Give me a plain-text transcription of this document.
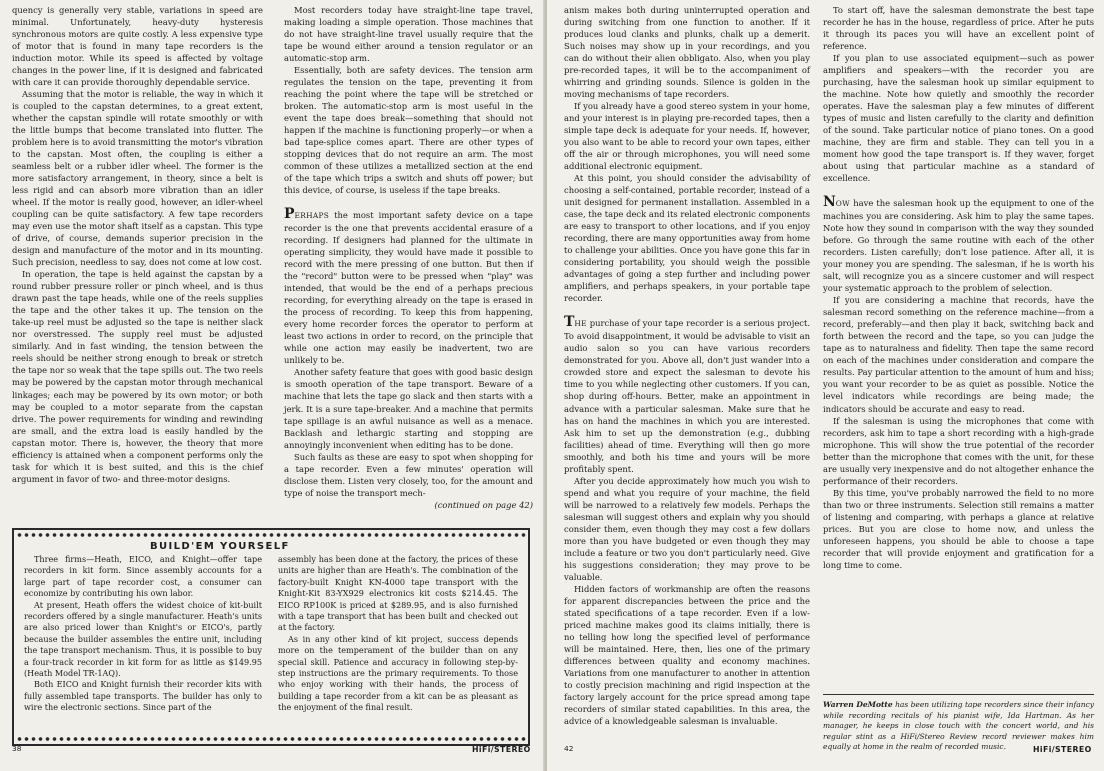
quency is generally very stable, variations in speed are minimal. Unfortunately, heavy-duty hysteresis synchronous motors are quite costly. A less expensive type of motor that is found in many tape recorders is the induction motor. While its speed is affected by voltage changes in the power line, if it is designed and fabricated with care it can provide thoroughly dependable service.

Assuming that the motor is reliable, the way in which it is coupled to the capstan determines, to a great extent, whether the capstan spindle will rotate smoothly or with the little bumps that become translated into flutter. The problem here is to avoid transmitting the motor's vibration to the capstan. Most often, the coupling is either a seamless belt or a rubber idler wheel. The former is the more satisfactory arrangement, in theory, since a belt is less rigid and can absorb more vibration than an idler wheel. If the motor is really good, however, an idler-wheel coupling can be quite satisfactory. A few tape recorders may even use the motor shaft itself as a capstan. This type of drive, of course, demands superior precision in the design and manufacture of the motor and in its mounting. Such precision, needless to say, does not come at low cost.

In operation, the tape is held against the capstan by a round rubber pressure roller or pinch wheel, and is thus drawn past the tape heads, while one of the reels supplies the tape and the other takes it up. The tension on the take-up reel must be adjusted so the tape is neither slack nor overstressed. The supply reel must be adjusted similarly. And in fast winding, the tension between the reels should be neither strong enough to break or stretch the tape nor so weak that the tape spills out. The two reels may be powered by the capstan motor through mechanical linkages; each may be powered by its own motor; or both may be coupled to a motor separate from the capstan drive. The power requirements for winding and rewinding are small, and the extra load is easily handled by the capstan motor. There is, however, the theory that more efficiency is attained when a component performs only the task for which it is best suited, and this is the chief argument in favor of two- and three-motor designs.

Most recorders today have straight-line tape travel, making loading a simple operation. Those machines that do not have straight-line travel usually require that the tape be wound either around a tension regulator or an automatic-stop arm.

Essentially, both are safety devices. The tension arm regulates the tension on the tape, preventing it from reaching the point where the tape will be stretched or broken. The automatic-stop arm is most useful in the event the tape does break—something that should not happen if the machine is functioning properly—or when a bad tape-splice comes apart. There are other types of stopping devices that do not require an arm. The most common of these utilizes a metallized section at the end of the tape which trips a switch and shuts off power; but this device, of course, is useless if the tape breaks.

PERHAPS the most important safety device on a tape recorder is the one that prevents accidental erasure of a recording. If designers had planned for the ultimate in operating simplicity, they would have made it possible to record with the mere pressing of one button. But then if the "record" button were to be pressed when "play" was intended, that would be the end of a perhaps precious recording, for everything already on the tape is erased in the process of recording. To keep this from happening, every home recorder forces the operator to perform at least two actions in order to record, on the principle that while one action may easily be inadvertent, two are unlikely to be.

Another safety feature that goes with good basic design is smooth operation of the tape transport. Beware of a machine that lets the tape go slack and then starts with a jerk. It is a sure tape-breaker. And a machine that permits tape spillage is an awful nuisance as well as a menace. Backlash and lethargic starting and stopping are annoyingly inconvenient when editing has to be done.

Such faults as these are easy to spot when shopping for a tape recorder. Even a few minutes' operation will disclose them. Listen very closely, too, for the amount and type of noise the transport mech-

(continued on page 42)

BUILD'EM YOURSELF

Three firms—Heath, EICO, and Knight—offer tape recorders in kit form. Since assembly accounts for a large part of tape recorder cost, a consumer can economize by contributing his own labor.

At present, Heath offers the widest choice of kit-built recorders offered by a single manufacturer. Heath's units are also priced lower than Knight's or EICO's, partly because the builder assembles the entire unit, including the tape transport mechanism. Thus, it is possible to buy a four-track recorder in kit form for as little as $149.95 (Heath Model TR-1AQ).

Both EICO and Knight furnish their recorder kits with fully assembled tape transports. The builder has only to wire the electronic sections. Since part of the

assembly has been done at the factory, the prices of these units are higher than are Heath's. The combination of the factory-built Knight KN-4000 tape transport with the Knight-Kit 83-YX929 electronics kit costs $214.45. The EICO RP100K is priced at $289.95, and is also furnished with a tape transport that has been built and checked out at the factory.

As in any other kind of kit project, success depends more on the temperament of the builder than on any special skill. Patience and accuracy in following step-by-step instructions are the primary requirements. To those who enjoy working with their hands, the process of building a tape recorder from a kit can be as pleasant as the enjoyment of the final result.

38	HiFi/STEREO

anism makes both during uninterrupted operation and during switching from one function to another. If it produces loud clanks and plunks, chalk up a demerit. Such noises may show up in your recordings, and you can do without their alien obbligato. Also, when you play pre-recorded tapes, it will be to the accompaniment of whirring and grinding sounds. Silence is golden in the moving mechanisms of tape recorders.

If you already have a good stereo system in your home, and your interest is in playing pre-recorded tapes, then a simple tape deck is adequate for your needs. If, however, you also want to be able to record your own tapes, either off the air or through microphones, you will need some additional electronic equipment.

At this point, you should consider the advisability of choosing a self-contained, portable recorder, instead of a unit designed for permanent installation. Assembled in a case, the tape deck and its related electronic components are easy to transport to other locations, and if you enjoy recording, there are many opportunities away from home to challenge your abilities. Once you have gone this far in considering portability, you should weigh the possible advantages of going a step further and including power amplifiers, and perhaps speakers, in your portable tape recorder.

THE purchase of your tape recorder is a serious project. To avoid disappointment, it would be advisable to visit an audio salon so you can have various recorders demonstrated for you. Above all, don't just wander into a crowded store and expect the salesman to devote his time to you while neglecting other customers. If you can, shop during off-hours. Better, make an appointment in advance with a particular salesman. Make sure that he has on hand the machines in which you are interested. Ask him to set up the demonstration (e.g., dubbing facilities) ahead of time. Everything will then go more smoothly, and both his time and yours will be more profitably spent.

After you decide approximately how much you wish to spend and what you require of your machine, the field will be narrowed to a relatively few models. Perhaps the salesman will suggest others and explain why you should consider them, even though they may cost a few dollars more than you have budgeted or even though they may include a feature or two you don't particularly need. Give his suggestions consideration; they may prove to be valuable.

Hidden factors of workmanship are often the reasons for apparent discrepancies between the price and the stated specifications of a tape recorder. Even if a low-priced machine makes good its claims initially, there is no telling how long the specified level of performance will be maintained. Here, then, lies one of the primary differences between quality and economy machines. Variations from one manufacturer to another in attention to costly precision machining and rigid inspection at the factory largely account for the price spread among tape recorders of similar stated capabilities. In this area, the advice of a knowledgeable salesman is invaluable.

To start off, have the salesman demonstrate the best tape recorder he has in the house, regardless of price. After he puts it through its paces you will have an excellent point of reference.

If you plan to use associated equipment—such as power amplifiers and speakers—with the recorder you are purchasing, have the salesman hook up similar equipment to the machine. Note how quietly and smoothly the recorder operates. Have the salesman play a few minutes of different types of music and listen carefully to the clarity and definition of the sound. Take particular notice of piano tones. On a good machine, they are firm and stable. They can tell you in a moment how good the tape transport is. If they waver, forget about using that particular machine as a standard of excellence.

NOW have the salesman hook up the equipment to one of the machines you are considering. Ask him to play the same tapes. Note how they sound in comparison with the way they sounded before. Go through the same routine with each of the other recorders. Listen carefully; don't lose patience. After all, it is your money you are spending. The salesman, if he is worth his salt, will recognize you as a sincere customer and will respect your systematic approach to the problem of selection.

If you are considering a machine that records, have the salesman record something on the reference machine—from a record, preferably—and then play it back, switching back and forth between the record and the tape, so you can judge the tape as to naturalness and fidelity. Then tape the same record on each of the machines under consideration and compare the results. Pay particular attention to the amount of hum and hiss; you want your recorder to be as quiet as possible. Notice the level indicators while recordings are being made; the indicators should be accurate and easy to read.

If the salesman is using the microphones that come with recorders, ask him to tape a short recording with a high-grade microphone. This will show the true potential of the recorder better than the microphone that comes with the unit, for these are usually very inexpensive and do not altogether enhance the performance of their recorders.

By this time, you've probably narrowed the field to no more than two or three instruments. Selection still remains a matter of listening and comparing, with perhaps a glance at relative prices. But you are close to home now, and unless the unforeseen happens, you should be able to choose a tape recorder that will provide enjoyment and gratification for a long time to come.

Warren DeMotte has been utilizing tape recorders since their infancy while recording recitals of his pianist wife, Ida Hartman. As her manager, he keeps in close touch with the concert world, and his regular stint as a HiFi/Stereo Review record reviewer makes him equally at home in the realm of recorded music.
42	HiFi/STEREO
